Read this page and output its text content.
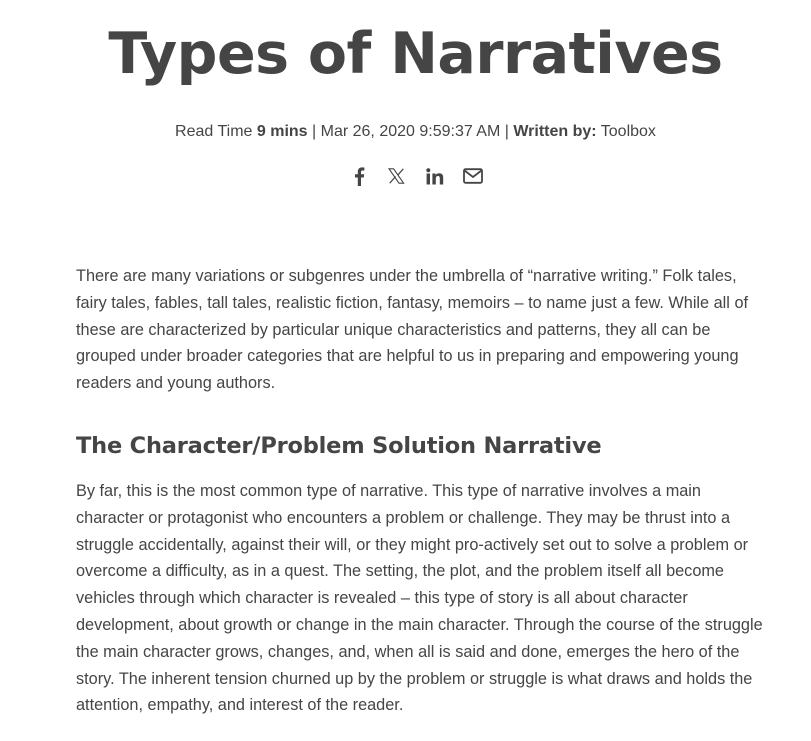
Types of Narratives
Read Time 9 mins | Mar 26, 2020 9:59:37 AM | Written by: Toolbox

There are many variations or subgenres under the umbrella of “narrative writing.” Folk tales, fairy tales, fables, tall tales, realistic fiction, fantasy, memoirs – to name just a few. While all of these are characterized by particular unique characteristics and patterns, they all can be grouped under broader categories that are helpful to us in preparing and empowering young readers and young authors.

The Character/Problem Solution Narrative

By far, this is the most common type of narrative. This type of narrative involves a main character or protagonist who encounters a problem or challenge. They may be thrust into a struggle accidentally, against their will, or they might pro-actively set out to solve a problem or overcome a difficulty, as in a quest. The setting, the plot, and the problem itself all become vehicles through which character is revealed – this type of story is all about character development, about growth or change in the main character. Through the course of the struggle the main character grows, changes, and, when all is said and done, emerges the hero of the story. The inherent tension churned up by the problem or struggle is what draws and holds the attention, empathy, and interest of the reader.
